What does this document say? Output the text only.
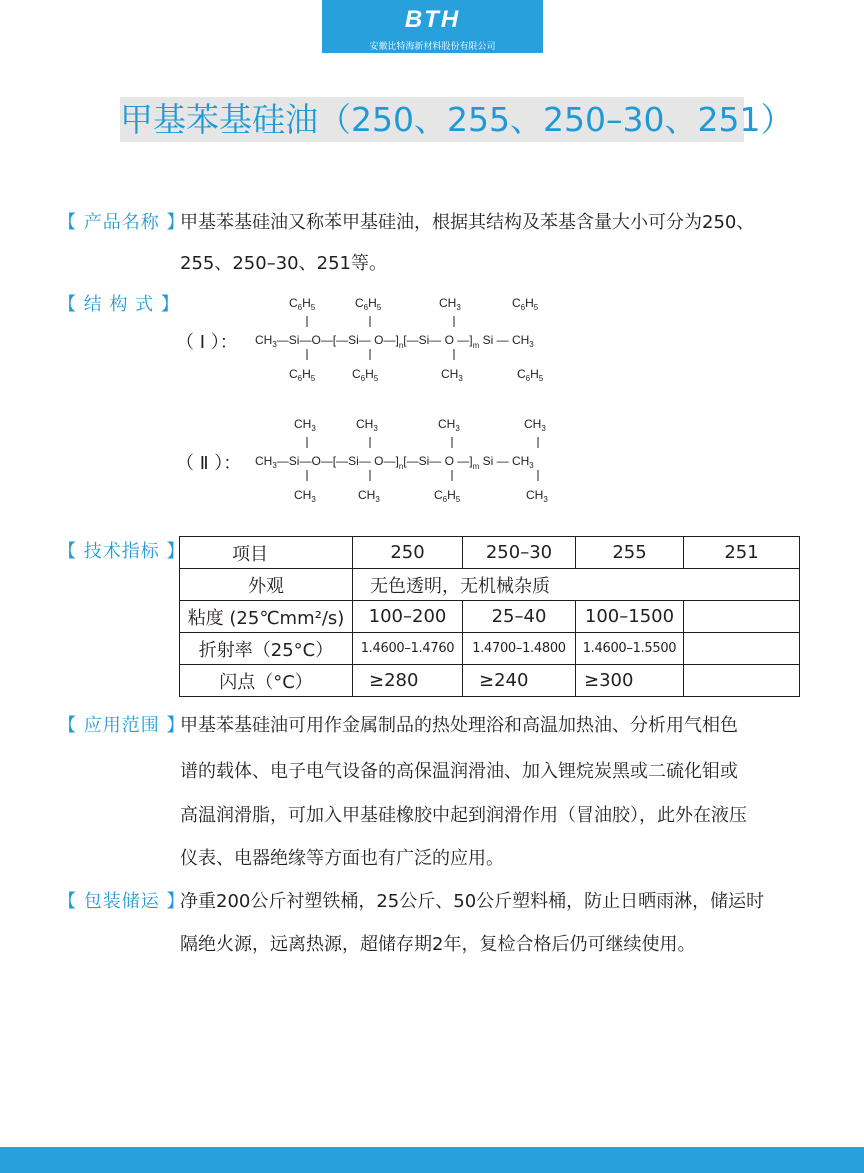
BTH
安徽比特海新材料股份有限公司
甲基苯基硅油（250、255、250–30、251）
【 产品名称 】
甲基苯基硅油又称苯甲基硅油，根据其结构及苯基含量大小可分为250、
255、250–30、251等。
【 结 构 式 】
（ Ⅰ ）：
（ Ⅱ ）：
$C_6H_5$	$C_6H_5$	$CH_3$	$C_6H_5$
$CH_3—Si—O—[—Si—$ $O—]_n[—Si—$ O $—]_m$ Si — $CH_3$
$C_6H_5$	$C_6H_5$	$CH_3$	$C_6H_5$
$CH_3$	$CH_3$	$CH_3$	$CH_3$
$CH_3—Si—O—[—Si—$ $O—]_n[—Si—$ O $—]_m$ Si — $CH_3$
$CH_3$	$CH_3$	$C_6H_5$	$CH_3$
【 技术指标 】	项目	250	250–30	255	251
外观	无色透明，无机械杂质			
粘度 (25℃mm²/s)	100–200	25–40	100–1500	
折射率（25°C）	1.4600–1.4760	1.4700–1.4800	1.4600–1.5500	
闪点（°C）	≥280	≥240	≥300	
【 应用范围 】
甲基苯基硅油可用作金属制品的热处理浴和高温加热油、分析用气相色
谱的载体、电子电气设备的高保温润滑油、加入锂烷炭黑或二硫化钼或
高温润滑脂，可加入甲基硅橡胶中起到润滑作用（冒油胶），此外在液压
仪表、电器绝缘等方面也有广泛的应用。
【 包装储运 】
净重200公斤衬塑铁桶，25公斤、50公斤塑料桶，防止日晒雨淋，储运时
隔绝火源，远离热源，超储存期2年，复检合格后仍可继续使用。
